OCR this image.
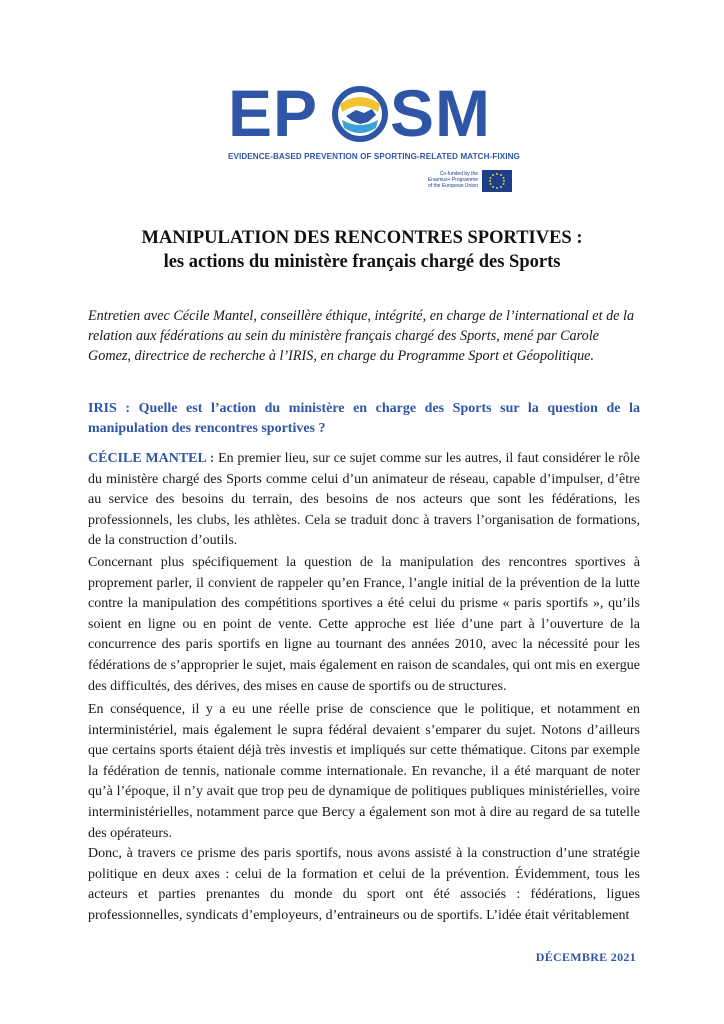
EP SM
EVIDENCE-BASED PREVENTION OF SPORTING-RELATED MATCH-FIXING
Co-funded by the
Erasmus+ Programme
of the European Union
MANIPULATION DES RENCONTRES SPORTIVES :
les actions du ministère français chargé des Sports
Entretien avec Cécile Mantel, conseillère éthique, intégrité, en charge de l’international et de la relation aux fédérations au sein du ministère français chargé des Sports, mené par Carole Gomez, directrice de recherche à l’IRIS, en charge du Programme Sport et Géopolitique.
IRIS : Quelle est l’action du ministère en charge des Sports sur la question de la manipulation des rencontres sportives ?
CÉCILE MANTEL : En premier lieu, sur ce sujet comme sur les autres, il faut considérer le rôle du ministère chargé des Sports comme celui d’un animateur de réseau, capable d’impulser, d’être au service des besoins du terrain, des besoins de nos acteurs que sont les fédérations, les professionnels, les clubs, les athlètes. Cela se traduit donc à travers l’organisation de formations, de la construction d’outils.
Concernant plus spécifiquement la question de la manipulation des rencontres sportives à proprement parler, il convient de rappeler qu’en France, l’angle initial de la prévention de la lutte contre la manipulation des compétitions sportives a été celui du prisme « paris sportifs », qu’ils soient en ligne ou en point de vente. Cette approche est liée d’une part à l’ouverture de la concurrence des paris sportifs en ligne au tournant des années 2010, avec la nécessité pour les fédérations de s’approprier le sujet, mais également en raison de scandales, qui ont mis en exergue des difficultés, des dérives, des mises en cause de sportifs ou de structures.
En conséquence, il y a eu une réelle prise de conscience que le politique, et notamment en interministériel, mais également le supra fédéral devaient s’emparer du sujet. Notons d’ailleurs que certains sports étaient déjà très investis et impliqués sur cette thématique. Citons par exemple la fédération de tennis, nationale comme internationale. En revanche, il a été marquant de noter qu’à l’époque, il n’y avait que trop peu de dynamique de politiques publiques ministérielles, voire interministérielles, notamment parce que Bercy a également son mot à dire au regard de sa tutelle des opérateurs.
Donc, à travers ce prisme des paris sportifs, nous avons assisté à la construction d’une stratégie politique en deux axes : celui de la formation et celui de la prévention. Évidemment, tous les acteurs et parties prenantes du monde du sport ont été associés : fédérations, ligues professionnelles, syndicats d’employeurs, d’entraineurs ou de sportifs. L’idée était véritablement
DÉCEMBRE 2021
